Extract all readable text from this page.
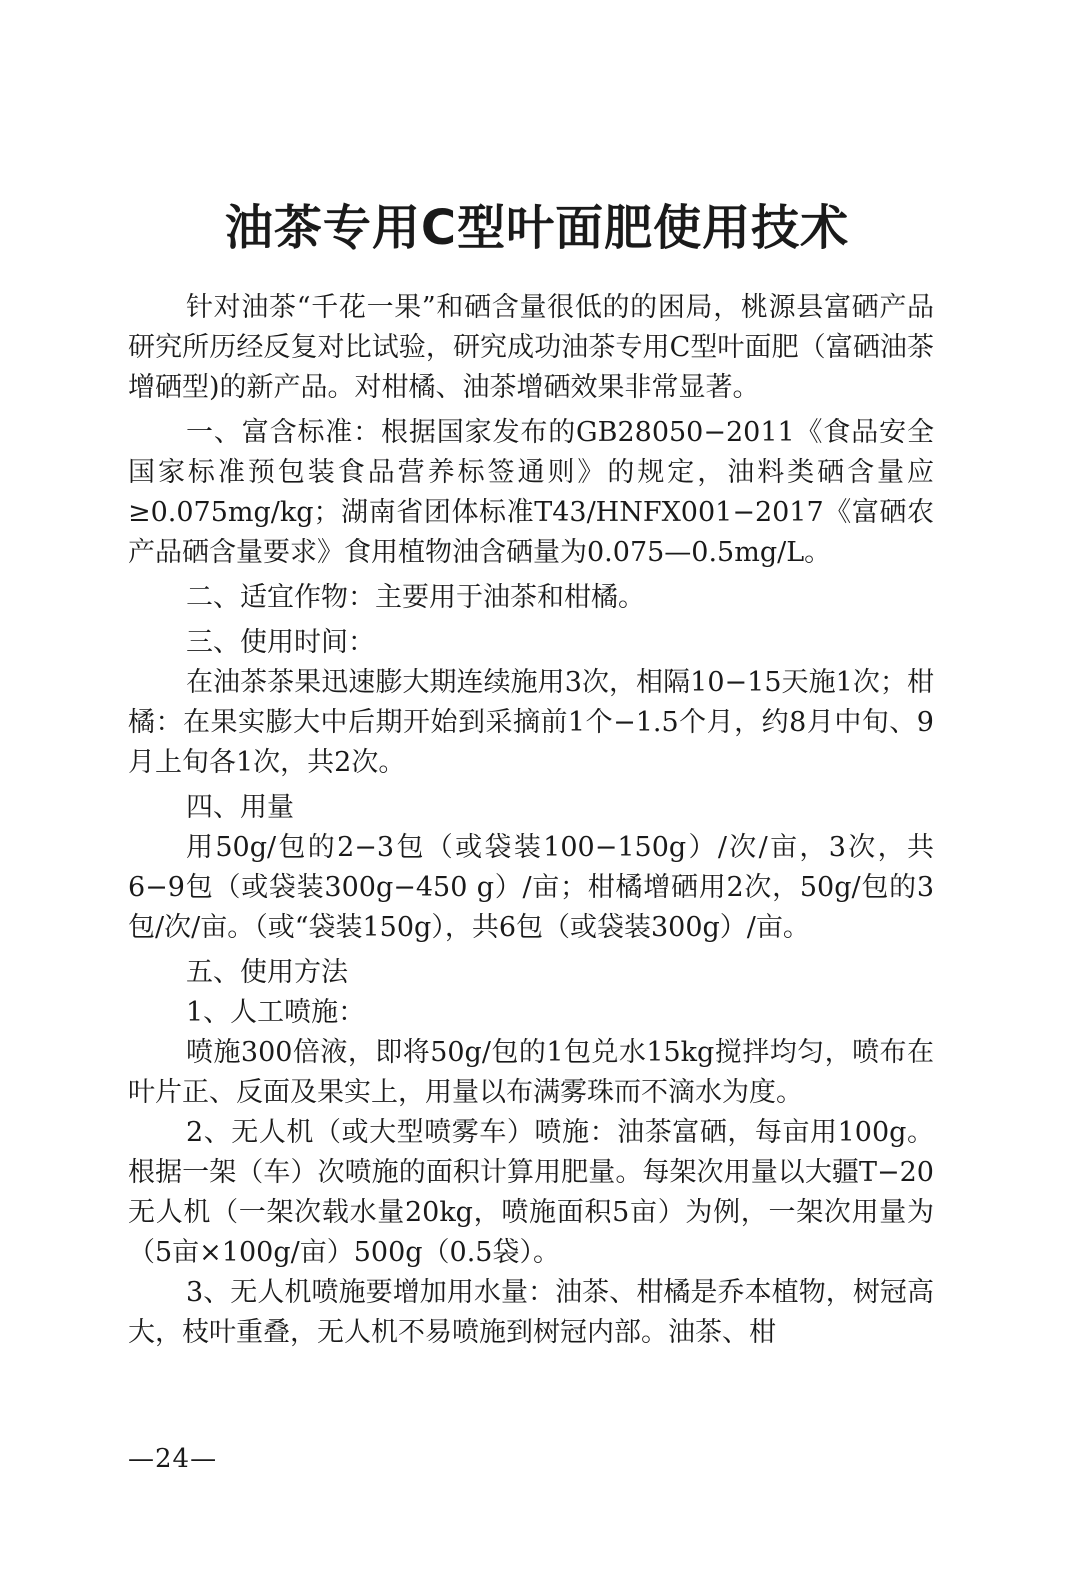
油茶专用C型叶面肥使用技术

针对油茶“千花一果”和硒含量很低的的困局，桃源县富硒产品研究所历经反复对比试验，研究成功油茶专用C型叶面肥（富硒油茶增硒型)的新产品。对柑橘、油茶增硒效果非常显著。

一、富含标准：根据国家发布的GB28050−2011《食品安全国家标准预包装食品营养标签通则》的规定，油料类硒含量应≥0.075mg/kg；湖南省团体标准T43/HNFX001−2017《富硒农产品硒含量要求》食用植物油含硒量为0.075—0.5mg/L。

二、适宜作物：主要用于油茶和柑橘。

三、使用时间：

在油茶茶果迅速膨大期连续施用3次，相隔10−15天施1次；柑橘：在果实膨大中后期开始到采摘前1个−1.5个月，约8月中旬、9月上旬各1次，共2次。

四、用量

用50g/包的2−3包（或袋装100−150g）/次/亩，3次，共6−9包（或袋装300g−450 g）/亩；柑橘增硒用2次，50g/包的3包/次/亩。（或“袋装150g），共6包（或袋装300g）/亩。

五、使用方法

1、人工喷施：

喷施300倍液，即将50g/包的1包兑水15kg搅拌均匀，喷布在叶片正、反面及果实上，用量以布满雾珠而不滴水为度。

2、无人机（或大型喷雾车）喷施：油茶富硒，每亩用100g。根据一架（车）次喷施的面积计算用肥量。每架次用量以大疆T−20无人机（一架次载水量20kg，喷施面积5亩）为例，一架次用量为（5亩×100g/亩）500g（0.5袋）。

3、无人机喷施要增加用水量：油茶、柑橘是乔本植物，树冠高大，枝叶重叠，无人机不易喷施到树冠内部。油茶、柑

—24—
